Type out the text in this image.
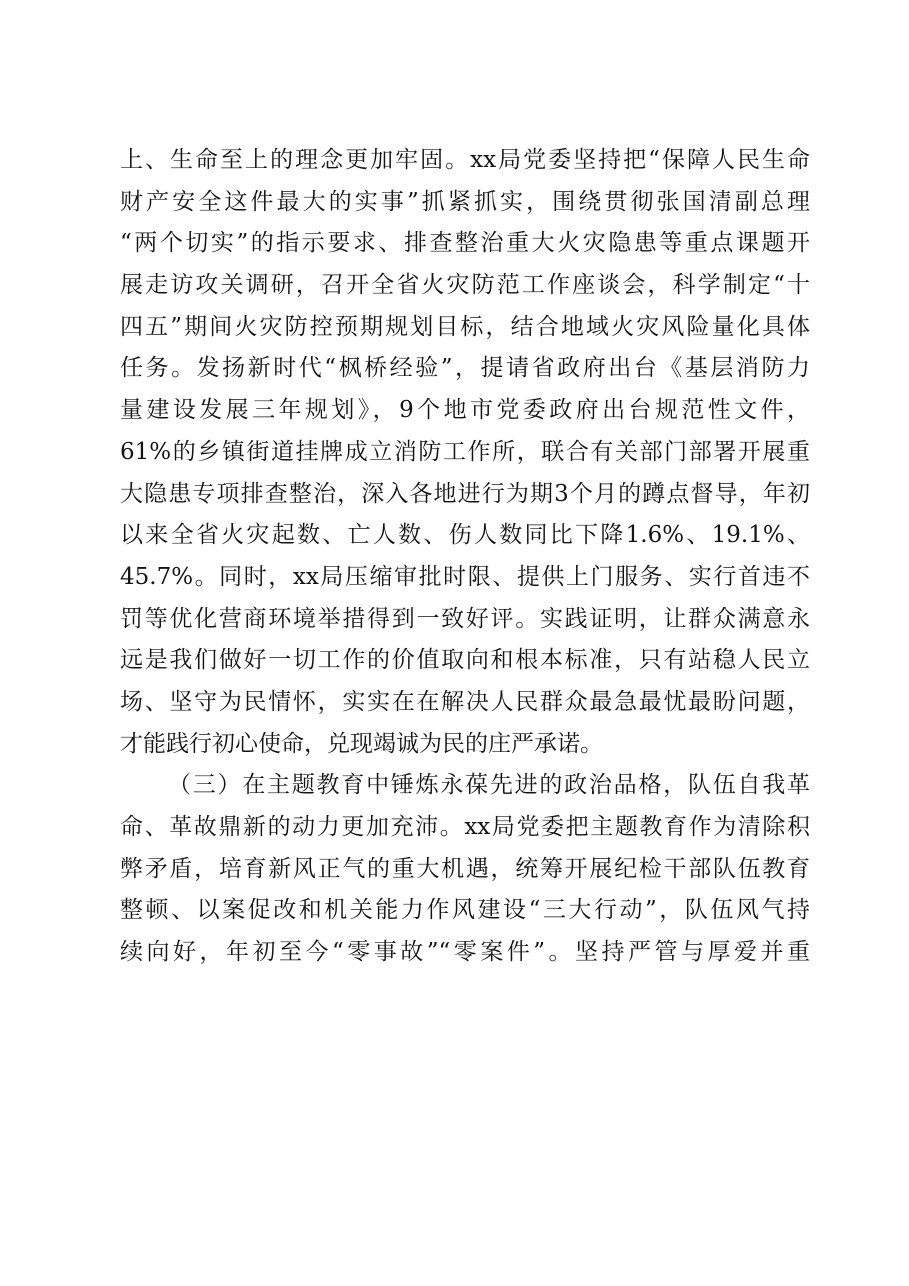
上、生命至上的理念更加牢固。xx局党委坚持把“保障人民生命
财产安全这件最大的实事”抓紧抓实，围绕贯彻张国清副总理
“两个切实”的指示要求、排查整治重大火灾隐患等重点课题开
展走访攻关调研，召开全省火灾防范工作座谈会，科学制定“十
四五”期间火灾防控预期规划目标，结合地域火灾风险量化具体
任务。发扬新时代“枫桥经验”，提请省政府出台《基层消防力
量建设发展三年规划》，9个地市党委政府出台规范性文件，
61%的乡镇街道挂牌成立消防工作所，联合有关部门部署开展重
大隐患专项排查整治，深入各地进行为期3个月的蹲点督导，年初
以来全省火灾起数、亡人数、伤人数同比下降1.6%、19.1%、
45.7%。同时，xx局压缩审批时限、提供上门服务、实行首违不
罚等优化营商环境举措得到一致好评。实践证明，让群众满意永
远是我们做好一切工作的价值取向和根本标准，只有站稳人民立
场、坚守为民情怀，实实在在解决人民群众最急最忧最盼问题，
才能践行初心使命，兑现竭诚为民的庄严承诺。
（三）在主题教育中锤炼永葆先进的政治品格，队伍自我革
命、革故鼎新的动力更加充沛。xx局党委把主题教育作为清除积
弊矛盾，培育新风正气的重大机遇，统筹开展纪检干部队伍教育
整顿、以案促改和机关能力作风建设“三大行动”，队伍风气持
续向好，年初至今“零事故”“零案件”。坚持严管与厚爱并重
